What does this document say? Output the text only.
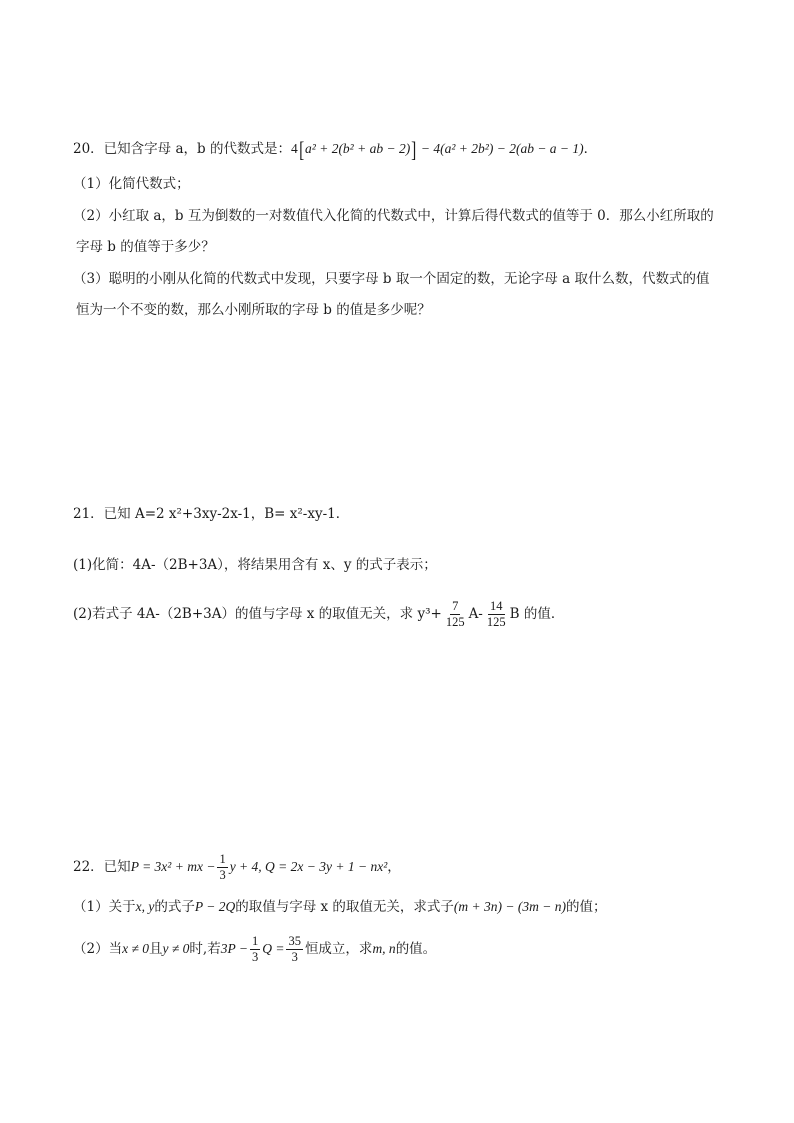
20．已知含字母 a，b 的代数式是：4[a² + 2(b² + ab − 2)] − 4(a² + 2b²) − 2(ab − a − 1)．
（1）化简代数式；
（2）小红取 a，b 互为倒数的一对数值代入化简的代数式中，计算后得代数式的值等于 0．那么小红所取的
字母 b 的值等于多少？
（3）聪明的小刚从化简的代数式中发现，只要字母 b 取一个固定的数，无论字母 a 取什么数，代数式的值
恒为一个不变的数，那么小刚所取的字母 b 的值是多少呢？
21．已知 A=2 x²+3xy-2x-1，B= x²-xy-1．
(1)化简：4A-（2B+3A），将结果用含有 x、y 的式子表示；
(2)若式子 4A-（2B+3A）的值与字母 x 的取值无关，求 $y^3+ \frac{7}{125} A- \frac{14}{125}$ B 的值．
22．已知P = 3x² + mx − $\frac{1}{3}$ y + 4, Q = 2x − 3y + 1 − nx²，
（1）关于x, y的式子P − 2Q的取值与字母 x 的取值无关，求式子(m + 3n) − (3m − n)的值；
（2）当x ≠ 0且y ≠ 0时,若$3P - \frac{1}{3}$ $Q = \frac{35}{3}$ 恒成立，求m, n的值。
